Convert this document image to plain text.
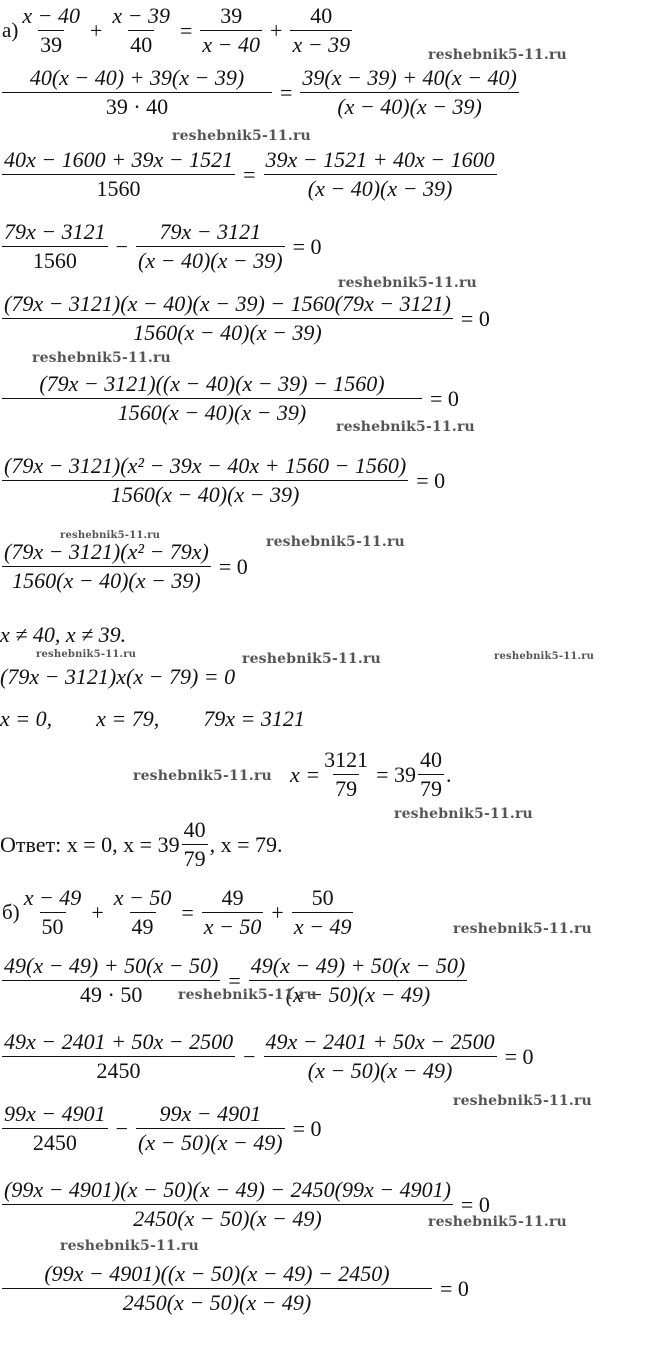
$а) \frac{x - 40}{39} + \frac{x - 39}{40} = \frac{39}{x - 40} + \frac{40}{x - 39}$
$\frac{40(x - 40) + 39(x - 39)}{39 \cdot 40} = \frac{39(x - 39) + 40(x - 40)}{(x - 40)(x - 39)}$
$\frac{40x - 1600 + 39x - 1521}{1560} = \frac{39x - 1521 + 40x - 1600}{(x - 40)(x - 39)}$
$\frac{79x - 3121}{1560} - \frac{79x - 3121}{(x - 40)(x - 39)} = 0$
$\frac{(79x - 3121)(x - 40)(x - 39) - 1560(79x - 3121)}{1560(x - 40)(x - 39)} = 0$
$\frac{(79x - 3121)((x - 40)(x - 39) - 1560)}{1560(x - 40)(x - 39)} = 0$
$\frac{\text{(79x − 3121)(x² − 39x − 40x + 1560 − 1560)}}{1560(x - 40)(x - 39)} = 0$
$\frac{\text{(79x − 3121)(x² − 79x)}}{1560(x - 40)(x - 39)} = 0$
x ≠ 40, x ≠ 39.
(79x − 3121)x(x − 79) = 0
x = 0,        x = 79,        79x = 3121
$x = \frac{3121}{79} = 39 \frac{40}{79}$ .
Ответ: x = 0, $x = 39 \frac{40}{79}$ , x = 79.
$б) \frac{x - 49}{50} + \frac{x - 50}{49} = \frac{49}{x - 50} + \frac{50}{x - 49}$
$\frac{49(x - 49) + 50(x - 50)}{49 \cdot 50} = \frac{49(x - 49) + 50(x - 50)}{(x - 50)(x - 49)}$
$\frac{49x - 2401 + 50x - 2500}{2450} - \frac{49x - 2401 + 50x - 2500}{(x - 50)(x - 49)} = 0$
$\frac{99x - 4901}{2450} - \frac{99x - 4901}{(x - 50)(x - 49)} = 0$
$\frac{(99x - 4901)(x - 50)(x - 49) - 2450(99x - 4901)}{2450(x - 50)(x - 49)} = 0$
$\frac{(99x - 4901)((x - 50)(x - 49) - 2450)}{2450(x - 50)(x - 49)} = 0$
reshebnik5-11.ru
reshebnik5-11.ru
reshebnik5-11.ru
reshebnik5-11.ru
reshebnik5-11.ru
reshebnik5-11.ru	reshebnik5-11.ru
reshebnik5-11.ru	reshebnik5-11.ru	reshebnik5-11.ru
reshebnik5-11.ru
reshebnik5-11.ru
reshebnik5-11.ru
reshebnik5-11.ru
reshebnik5-11.ru
reshebnik5-11.ru
reshebnik5-11.ru
